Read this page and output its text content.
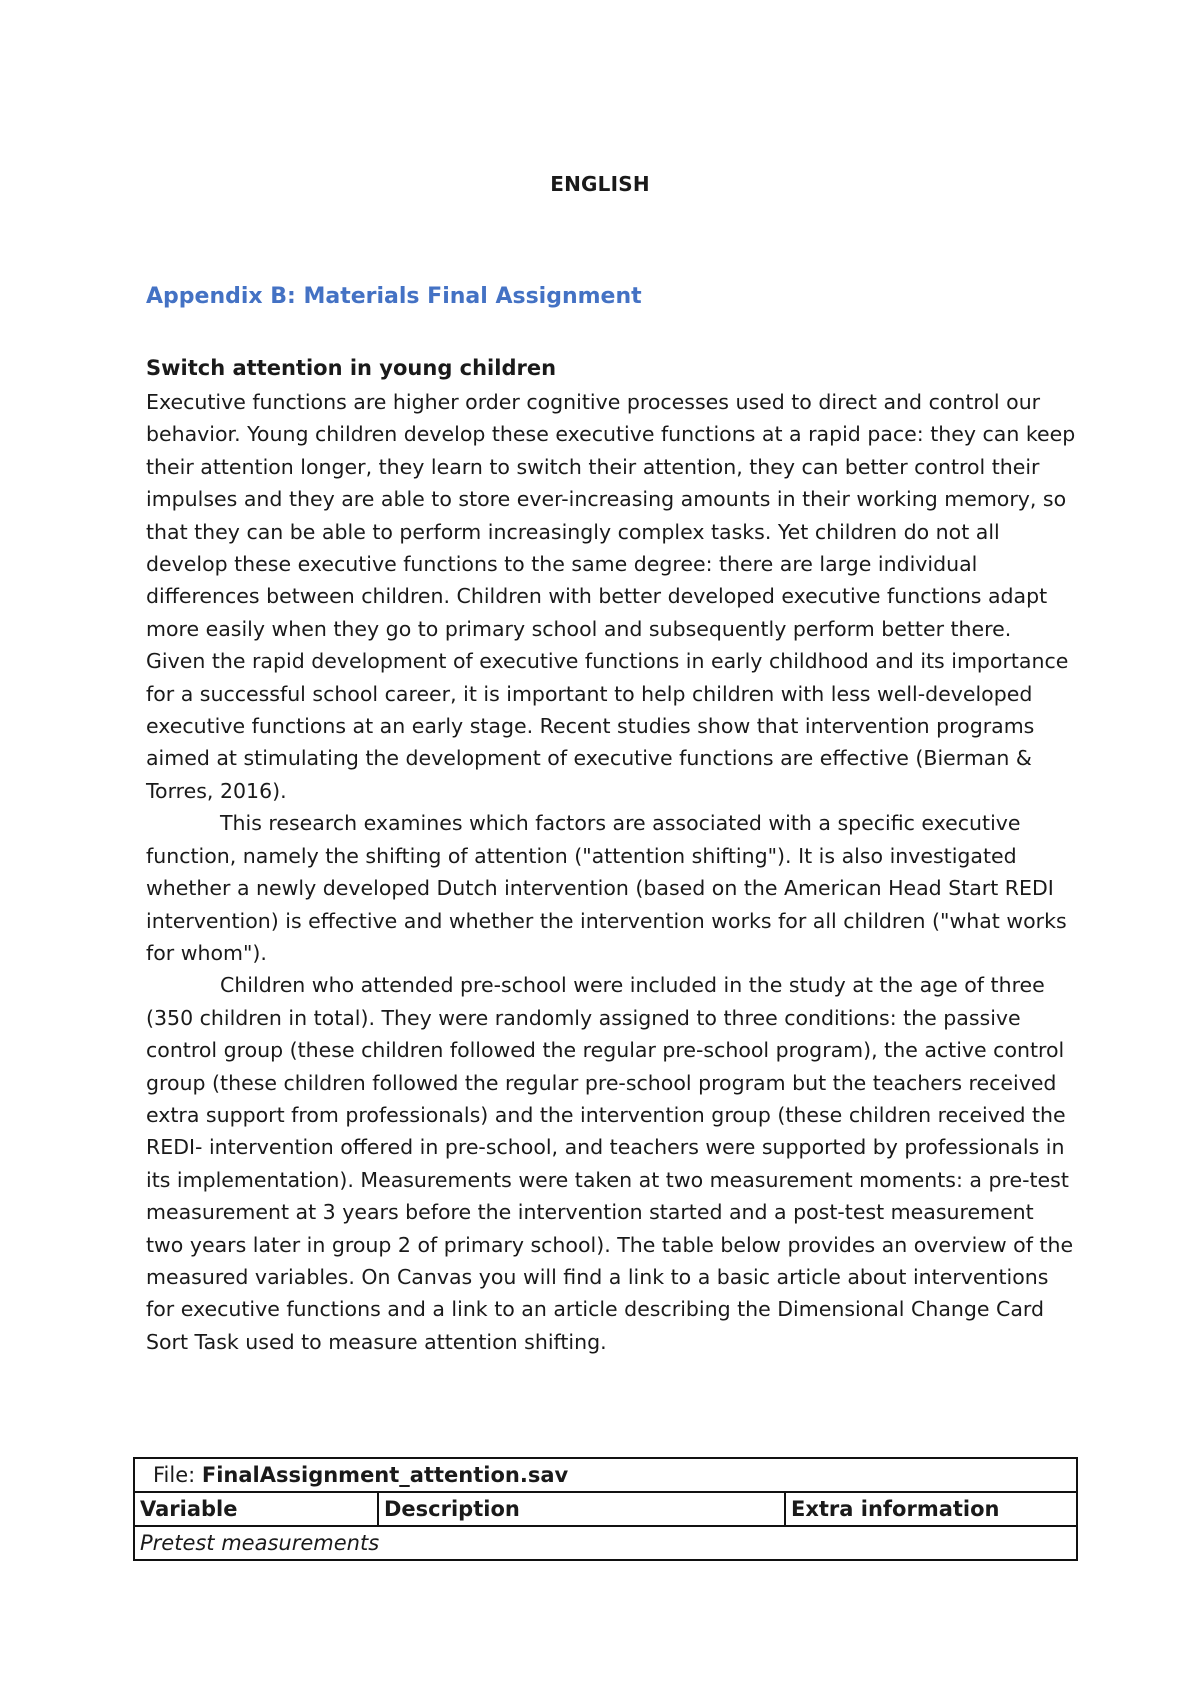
ENGLISH
Appendix B: Materials Final Assignment
Switch attention in young children

Executive functions are higher order cognitive processes used to direct and control our behavior. Young children develop these executive functions at a rapid pace: they can keep their attention longer, they learn to switch their attention, they can better control their impulses and they are able to store ever-increasing amounts in their working memory, so that they can be able to perform increasingly complex tasks. Yet children do not all develop these executive functions to the same degree: there are large individual differences between children. Children with better developed executive functions adapt more easily when they go to primary school and subsequently perform better there. Given the rapid development of executive functions in early childhood and its importance for a successful school career, it is important to help children with less well-developed executive functions at an early stage. Recent studies show that intervention programs aimed at stimulating the development of executive functions are effective (Bierman & Torres, 2016).

This research examines which factors are associated with a specific executive function, namely the shifting of attention ("attention shifting"). It is also investigated whether a newly developed Dutch intervention (based on the American Head Start REDI intervention) is effective and whether the intervention works for all children ("what works for whom").

Children who attended pre-school were included in the study at the age of three (350 children in total). They were randomly assigned to three conditions: the passive control group (these children followed the regular pre-school program), the active control group (these children followed the regular pre-school program but the teachers received extra support from professionals) and the intervention group (these children received the REDI- intervention offered in pre-school, and teachers were supported by professionals in its implementation). Measurements were taken at two measurement moments: a pre-test measurement at 3 years before the intervention started and a post-test measurement two years later in group 2 of primary school). The table below provides an overview of the measured variables. On Canvas you will find a link to a basic article about interventions for executive functions and a link to an article describing the Dimensional Change Card Sort Task used to measure attention shifting.

File: FinalAssignment_attention.sav
Variable	Description	Extra information
Pretest measurements
